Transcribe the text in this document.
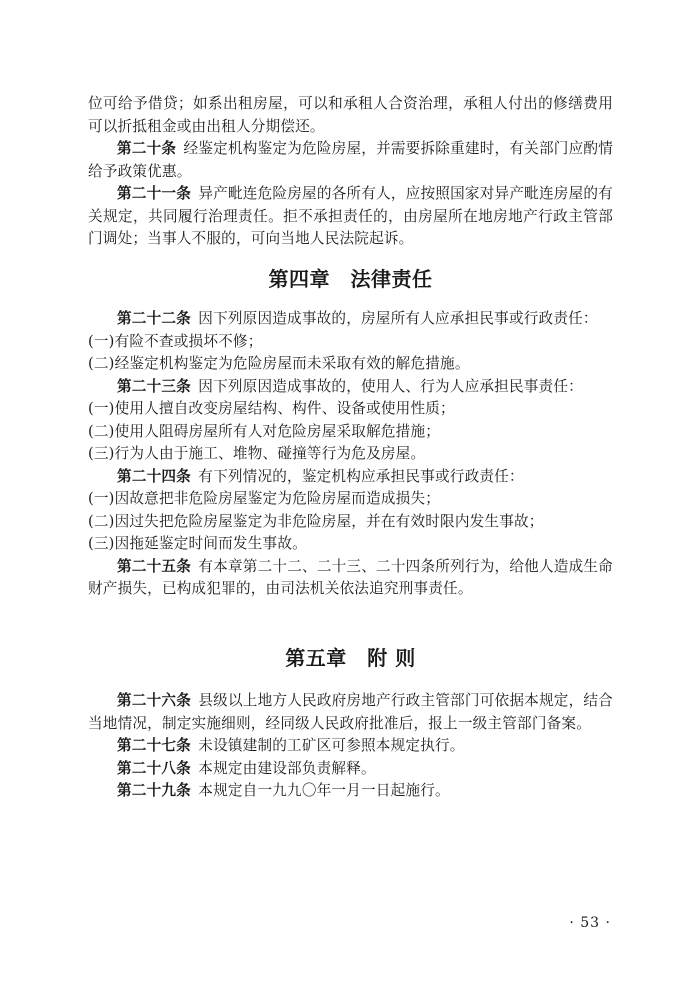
位可给予借贷；如系出租房屋，可以和承租人合资治理，承租人付出的修缮费用可以折抵租金或由出租人分期偿还。

第二十条 经鉴定机构鉴定为危险房屋，并需要拆除重建时，有关部门应酌情给予政策优惠。

第二十一条 异产毗连危险房屋的各所有人，应按照国家对异产毗连房屋的有关规定，共同履行治理责任。拒不承担责任的，由房屋所在地房地产行政主管部门调处；当事人不服的，可向当地人民法院起诉。

第四章　法律责任

第二十二条 因下列原因造成事故的，房屋所有人应承担民事或行政责任：

(一)有险不查或损坏不修；

(二)经鉴定机构鉴定为危险房屋而未采取有效的解危措施。

第二十三条 因下列原因造成事故的，使用人、行为人应承担民事责任：

(一)使用人擅自改变房屋结构、构件、设备或使用性质；

(二)使用人阻碍房屋所有人对危险房屋采取解危措施；

(三)行为人由于施工、堆物、碰撞等行为危及房屋。

第二十四条 有下列情况的，鉴定机构应承担民事或行政责任：

(一)因故意把非危险房屋鉴定为危险房屋而造成损失；

(二)因过失把危险房屋鉴定为非危险房屋，并在有效时限内发生事故；

(三)因拖延鉴定时间而发生事故。

第二十五条 有本章第二十二、二十三、二十四条所列行为，给他人造成生命财产损失，已构成犯罪的，由司法机关依法追究刑事责任。

第五章　附 则

第二十六条 县级以上地方人民政府房地产行政主管部门可依据本规定，结合当地情况，制定实施细则，经同级人民政府批准后，报上一级主管部门备案。

第二十七条 未设镇建制的工矿区可参照本规定执行。

第二十八条 本规定由建设部负责解释。

第二十九条 本规定自一九九〇年一月一日起施行。

· 53 ·
